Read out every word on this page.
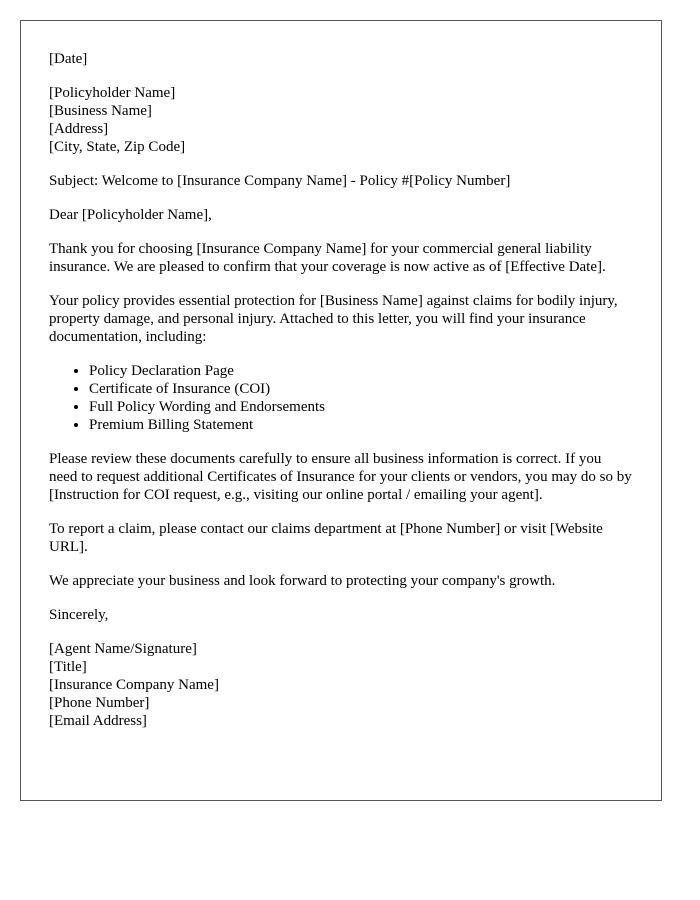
[Date]

[Policyholder Name]
[Business Name]
[Address]
[City, State, Zip Code]

Subject: Welcome to [Insurance Company Name] - Policy #[Policy Number]

Dear [Policyholder Name],

Thank you for choosing [Insurance Company Name] for your commercial general liability insurance. We are pleased to confirm that your coverage is now active as of [Effective Date].

Your policy provides essential protection for [Business Name] against claims for bodily injury, property damage, and personal injury. Attached to this letter, you will find your insurance documentation, including:

• Policy Declaration Page
• Certificate of Insurance (COI)
• Full Policy Wording and Endorsements
• Premium Billing Statement

Please review these documents carefully to ensure all business information is correct. If you need to request additional Certificates of Insurance for your clients or vendors, you may do so by [Instruction for COI request, e.g., visiting our online portal / emailing your agent].

To report a claim, please contact our claims department at [Phone Number] or visit [Website URL].

We appreciate your business and look forward to protecting your company's growth.

Sincerely,

[Agent Name/Signature]
[Title]
[Insurance Company Name]
[Phone Number]
[Email Address]
